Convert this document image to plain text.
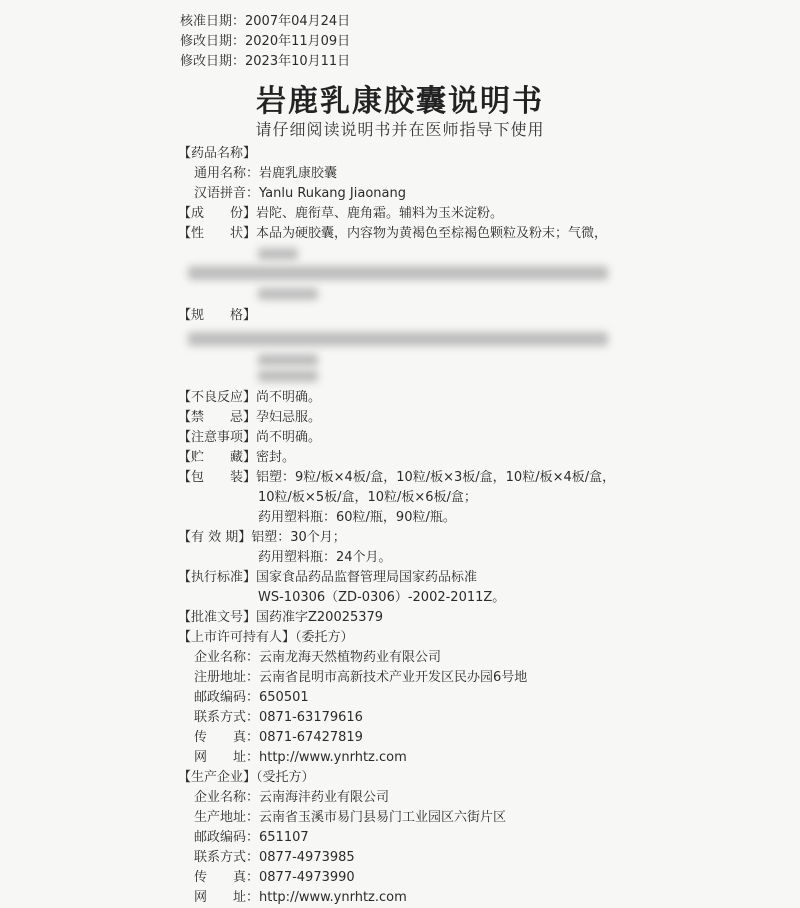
核准日期：2007年04月24日
修改日期：2020年11月09日
修改日期：2023年10月11日
岩鹿乳康胶囊说明书
请仔细阅读说明书并在医师指导下使用
【药品名称】
通用名称：岩鹿乳康胶囊
汉语拼音：Yanlu Rukang Jiaonang
【成　　份】岩陀、鹿衔草、鹿角霜。辅料为玉米淀粉。
【性　　状】本品为硬胶囊，内容物为黄褐色至棕褐色颗粒及粉末；气微，
【规　　格】
【不良反应】尚不明确。
【禁　　忌】孕妇忌服。
【注意事项】尚不明确。
【贮　　藏】密封。
【包　　装】铝塑：9粒/板×4板/盒，10粒/板×3板/盒，10粒/板×4板/盒，
10粒/板×5板/盒，10粒/板×6板/盒；
药用塑料瓶：60粒/瓶，90粒/瓶。
【有 效 期】铝塑：30个月；
药用塑料瓶：24个月。
【执行标准】国家食品药品监督管理局国家药品标准
WS-10306（ZD-0306）-2002-2011Z。
【批准文号】国药准字Z20025379
【上市许可持有人】（委托方）
企业名称：云南龙海天然植物药业有限公司
注册地址：云南省昆明市高新技术产业开发区民办园6号地
邮政编码：650501
联系方式：0871-63179616
传　　真：0871-67427819
网　　址：http://www.ynrhtz.com
【生产企业】（受托方）
企业名称：云南海沣药业有限公司
生产地址：云南省玉溪市易门县易门工业园区六街片区
邮政编码：651107
联系方式：0877-4973985
传　　真：0877-4973990
网　　址：http://www.ynrhtz.com
